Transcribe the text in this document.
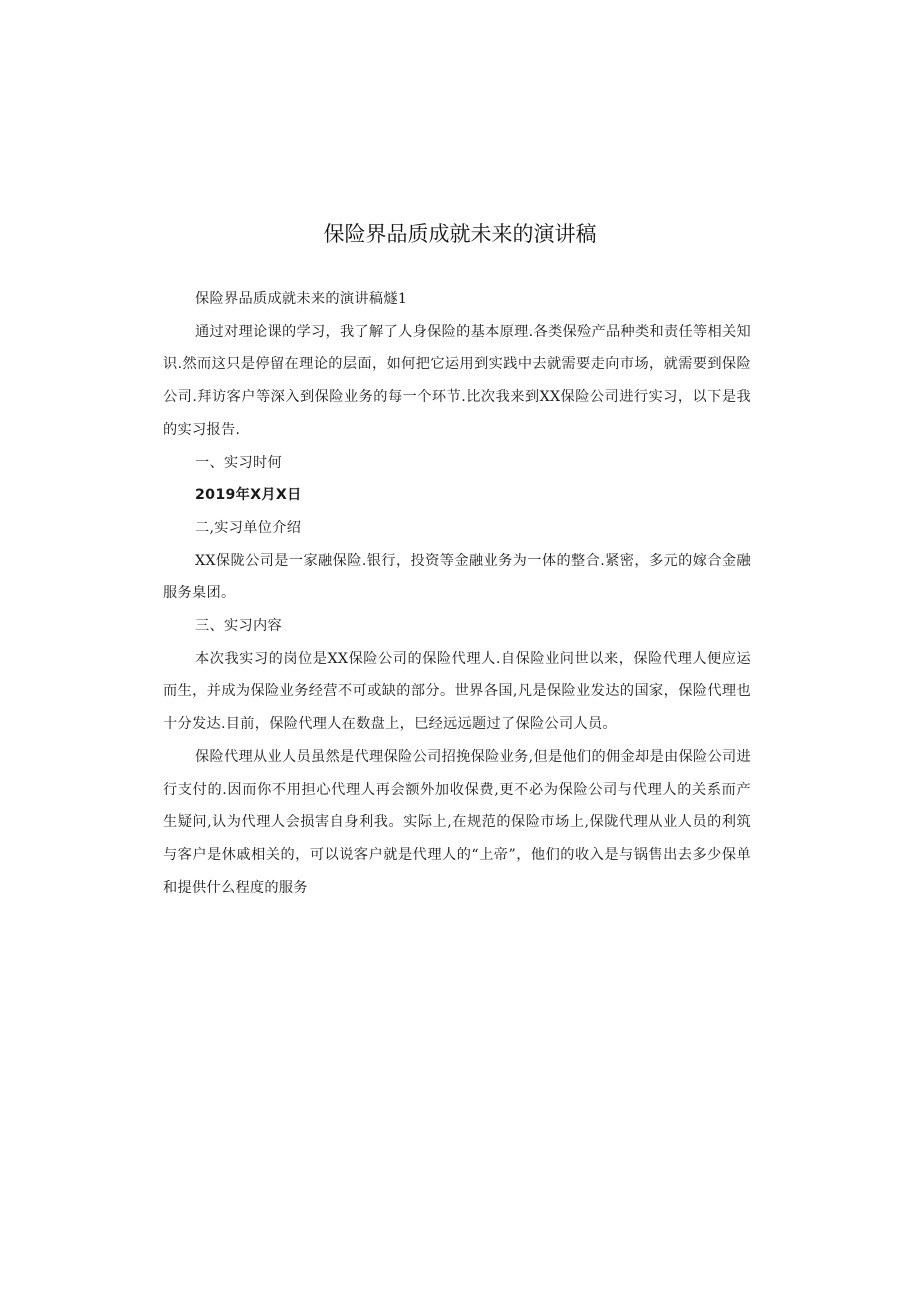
保险界品质成就未来的演讲稿

保险界品质成就未来的演讲稿燧1

通过对理论课的学习，我了解了人身保险的基本原理.各类保殓产品种类和责任等相关知识.然而这只是停留在理论的层面，如何把它运用到实践中去就需要走向市场，就需要到保险公司.拜访客户等深入到保险业务的每一个环节.比次我来到XX保险公司进行实习，以下是我的实习报告.

一、实习时何

2019年X月X日

二,实习单位介绍

XX保陇公司是一家融保险.银行，投资等金融业务为一体的整合.紧密，多元的嫁合金融服务臬团。

三、实习内容

本次我实习的岗位是XX保险公司的保险代理人.自保险业问世以来，保险代理人便应运而生，并成为保险业务经营不可或缺的部分。世界各国,凡是保险业发达的国家，保险代理也十分发达.目前，保险代理人在数盘上，巳经远远题过了保险公司人员。

保险代理从业人员虽然是代理保险公司招挽保险业务,但是他们的佣金却是由保险公司进行支付的.因而你不用担心代理人再会额外加收保费,更不必为保险公司与代理人的关系而产生疑问,认为代理人会损害自身利我。实际上,在规范的保险市场上,保陇代理从业人员的利筑与客户是休戚相关的，可以说客户就是代理人的“上帝”，他们的收入是与锅售出去多少保单和提供什么程度的服务
